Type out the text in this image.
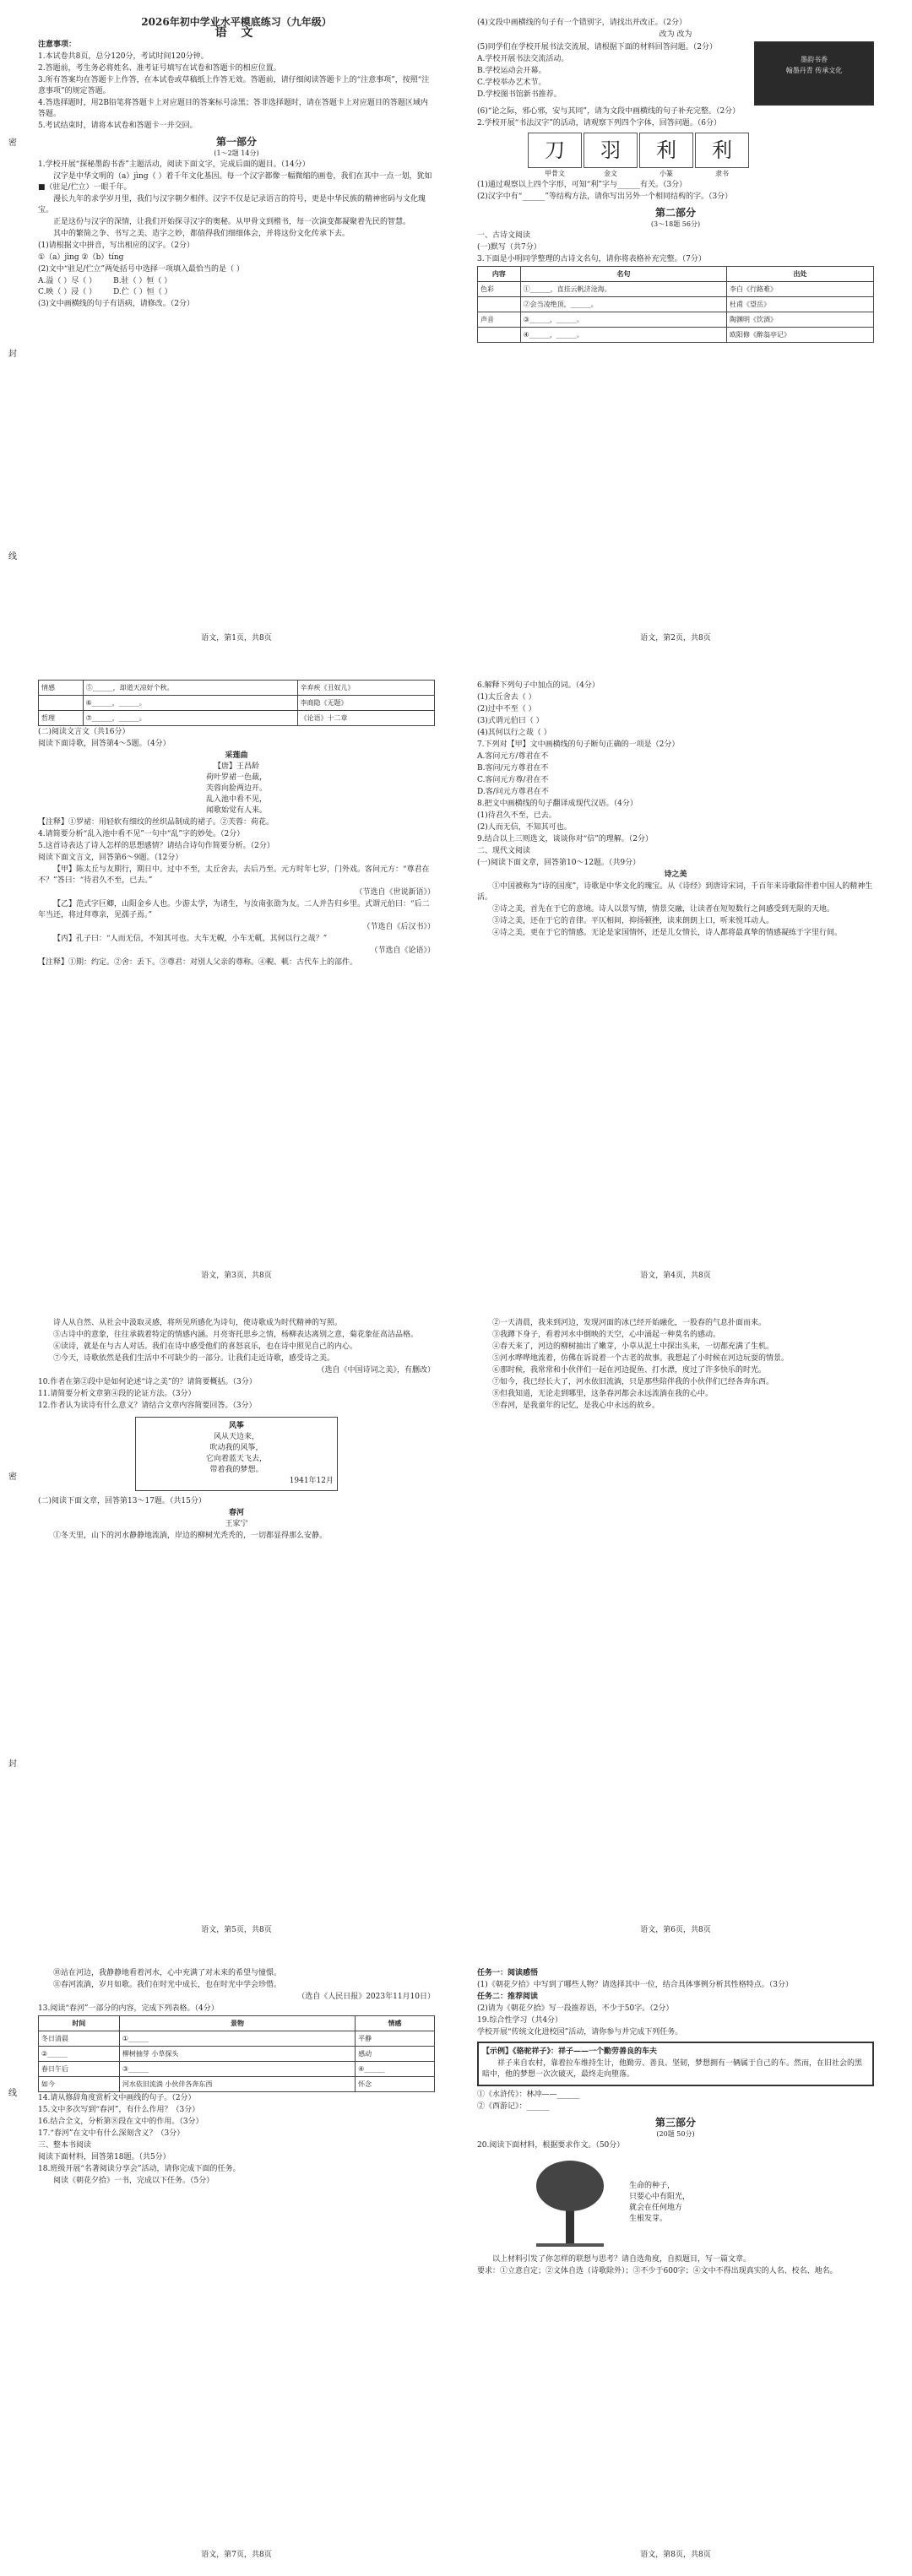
密
封
线
密
封
线
2026年初中学业水平模底练习（九年级）
语 文
注意事项：
1.本试卷共8页，总分120分，考试时间120分钟。
2.答题前，考生务必将姓名、准考证号填写在试卷和答题卡的相应位置。
3.所有答案均在答题卡上作答，在本试卷或草稿纸上作答无效。答题前，请仔细阅读答题卡上的“注意事项”，按照“注意事项”的规定答题。
4.答选择题时，用2B铅笔将答题卡上对应题目的答案标号涂黑；答非选择题时，请在答题卡上对应题目的答题区域内答题。
5.考试结束时，请将本试卷和答题卡一并交回。
第一部分
(1～2题 14分)
1.学校开展“探秘墨韵书香”主题活动，阅读下面文字，完成后面的题目。（14分）
汉字是中华文明的（a）jìng（ ）着千年文化基因。每一个汉字都像一幅微缩的画卷，我们在其中一点一划，犹如■（驻足/伫立）一眼千年。
漫长九年的求学岁月里，我们与汉字朝夕相伴。汉字不仅是记录语言的符号，更是中华民族的精神密码与文化瑰宝。
正是这份与汉字的深情，让我们开始探寻汉字的奥秘。从甲骨文到楷书，每一次演变都凝聚着先民的智慧。
其中的繁简之争、书写之美、造字之妙，都值得我们细细体会，并将这份文化传承下去。
(1)请根据文中拼音，写出相应的汉字。（2分）
①（a）jìng ②（b）tíng
(2)文中“驻足/伫立”两处括号中选择一项填入最恰当的是（ ）
A.溢（ ）尽（ ） B.驻（ ）恒（ ）
C.映（ ）浸（ ） D.伫（ ）恒（ ）
(3)文中画横线的句子有语病，请修改。（2分）
语文，第1页，共8页
(4)文段中画横线的句子有一个错别字，请找出并改正。（2分）
改为 改为
(5)同学们在学校开展书法交流展，请根据下面的材料回答问题。（2分）
A.学校开展书法交流活动。
B.学校运动会开幕。
C.学校举办艺术节。
D.学校图书馆新书推荐。
墨韵书香
翰墨丹青 传承文化
(6)“论之际，邪心邪，安与其同”，请为文段中画横线的句子补充完整。（2分）
2.学校开展“书法汉字”的活动，请观察下列四个字体，回答问题。（6分）
刀	羽	利	利
甲骨文	金文	小篆	隶书
(1)通过观察以上四个字形，可知“利”字与______有关。（3分）
(2)汉字中有“______”等结构方法，请你写出另外一个相同结构的字。（3分）
第二部分
(3～18题 56分)
一、古诗文阅读
(一)默写（共7分）
3.下面是小明同学整理的古诗文名句，请你将表格补充完整。（7分）
内容	名句	出处
色彩	①______，直挂云帆济沧海。	李白《行路难》
	②会当凌绝顶，______。	杜甫《望岳》
声音	③______，______。	陶渊明《饮酒》
	④______，______。	欧阳修《醉翁亭记》
语文，第2页，共8页
情感	⑤______，却道天凉好个秋。	辛弃疾《丑奴儿》
	⑥______，______。	李商隐《无题》
哲理	⑦______，______。	《论语》十二章
(二)阅读文言文（共16分）
阅读下面诗歌，回答第4～5题。（4分）
采莲曲
【唐】王昌龄
荷叶罗裙一色裁，
芙蓉向脸两边开。
乱入池中看不见，
闻歌始觉有人来。
【注释】①罗裙：用轻软有细纹的丝织品制成的裙子。②芙蓉：荷花。
4.请简要分析“乱入池中看不见”一句中“乱”字的妙处。（2分）
5.这首诗表达了诗人怎样的思想感情？请结合诗句作简要分析。（2分）
阅读下面文言文，回答第6～9题。（12分）
【甲】陈太丘与友期行，期日中。过中不至，太丘舍去，去后乃至。元方时年七岁，门外戏。客问元方：“尊君在不？”答曰：“待君久不至，已去。”
（节选自《世说新语》）
【乙】范式字巨卿，山阳金乡人也。少游太学，为诸生，与汝南张劭为友。二人并告归乡里。式谓元伯曰：“后二年当还，将过拜尊亲，见孺子焉。”
（节选自《后汉书》）
【丙】孔子曰：“人而无信，不知其可也。大车无輗，小车无軏，其何以行之哉？”
（节选自《论语》）
【注释】①期：约定。②舍：丢下。③尊君：对别人父亲的尊称。④輗、軏：古代车上的部件。
语文，第3页，共8页
6.解释下列句子中加点的词。（4分）
(1)太丘舍去（ ）
(2)过中不至（ ）
(3)式谓元伯曰（ ）
(4)其何以行之哉（ ）
7.下列对【甲】文中画横线的句子断句正确的一项是（2分）
A.客问元方/尊君在不
B.客问/元方尊君在不
C.客问元方尊/君在不
D.客/问元方尊君在不
8.把文中画横线的句子翻译成现代汉语。（4分）
(1)待君久不至，已去。
(2)人而无信，不知其可也。
9.结合以上三则选文，谈谈你对“信”的理解。（2分）
二、现代文阅读
(一)阅读下面文章，回答第10～12题。（共9分）
诗之美
①中国被称为“诗的国度”，诗歌是中华文化的瑰宝。从《诗经》到唐诗宋词，千百年来诗歌陪伴着中国人的精神生活。
②诗之美，首先在于它的意境。诗人以景写情，情景交融，让读者在短短数行之间感受到无限的天地。
③诗之美，还在于它的音律。平仄相间，抑扬顿挫，读来朗朗上口，听来悦耳动人。
④诗之美，更在于它的情感。无论是家国情怀，还是儿女情长，诗人都将最真挚的情感凝练于字里行间。
语文，第4页，共8页
诗人从自然、从社会中汲取灵感，将所见所感化为诗句，使诗歌成为时代精神的写照。
⑤古诗中的意象，往往承载着特定的情感内涵。月亮寄托思乡之情，杨柳表达离别之意，菊花象征高洁品格。
⑥读诗，就是在与古人对话。我们在诗中感受他们的喜怒哀乐，也在诗中照见自己的内心。
⑦今天，诗歌依然是我们生活中不可缺少的一部分。让我们走近诗歌，感受诗之美。
（选自《中国诗词之美》，有删改）
10.作者在第②段中是如何论述“诗之美”的？请简要概括。（3分）
11.请简要分析文章第④段的论证方法。（3分）
12.作者认为读诗有什么意义？请结合文章内容简要回答。（3分）
风筝
风从天边来，
吹动我的风筝，
它向着蓝天飞去，
带着我的梦想。
1941年12月
(二)阅读下面文章，回答第13～17题。（共15分）
春河
王家宁
①冬天里，山下的河水静静地流淌，岸边的柳树光秃秃的，一切都显得那么安静。
语文，第5页，共8页
②一天清晨，我来到河边，发现河面的冰已经开始融化，一股春的气息扑面而来。
③我蹲下身子，看着河水中倒映的天空，心中涌起一种莫名的感动。
④春天来了，河边的柳树抽出了嫩芽，小草从泥土中探出头来，一切都充满了生机。
⑤河水哗哗地流着，仿佛在诉说着一个古老的故事。我想起了小时候在河边玩耍的情景。
⑥那时候，我常常和小伙伴们一起在河边捉鱼、打水漂，度过了许多快乐的时光。
⑦如今，我已经长大了，河水依旧流淌，只是那些陪伴我的小伙伴们已经各奔东西。
⑧但我知道，无论走到哪里，这条春河都会永远流淌在我的心中。
⑨春河，是我童年的记忆，是我心中永远的故乡。
语文，第6页，共8页
⑩站在河边，我静静地看着河水，心中充满了对未来的希望与憧憬。
⑪春河流淌，岁月如歌。我们在时光中成长，也在时光中学会珍惜。
（选自《人民日报》2023年11月10日）
13.阅读“春河”一部分的内容，完成下列表格。（4分）
时间	景物	情感
冬日清晨	①______	平静
②______	柳树抽芽 小草探头	感动
春日午后	③______	④______
如今	河水依旧流淌 小伙伴各奔东西	怀念
14.请从修辞角度赏析文中画线的句子。（2分）
15.文中多次写到“春河”，有什么作用？（3分）
16.结合全文，分析第⑧段在文中的作用。（3分）
17.“春河”在文中有什么深刻含义？（3分）
三、整本书阅读
阅读下面材料，回答第18题。（共5分）
18.班级开展“名著阅读分享会”活动，请你完成下面的任务。
阅读《朝花夕拾》一书，完成以下任务。（5分）
语文，第7页，共8页
任务一：阅读感悟
(1)《朝花夕拾》中写到了哪些人物？请选择其中一位，结合具体事例分析其性格特点。（3分）
任务二：推荐阅读
(2)请为《朝花夕拾》写一段推荐语，不少于50字。（2分）
19.综合性学习（共4分）
学校开展“传统文化进校园”活动，请你参与并完成下列任务。
【示例】《骆驼祥子》：祥子——一个勤劳善良的车夫
祥子来自农村，靠着拉车维持生计，他勤劳、善良、坚韧，梦想拥有一辆属于自己的车。然而，在旧社会的黑暗中，他的梦想一次次破灭，最终走向堕落。
①《水浒传》：林冲——______
②《西游记》：______
第三部分
(20题 50分)
20.阅读下面材料，根据要求作文。（50分）
生命的种子，
只要心中有阳光，
就会在任何地方
生根发芽。
以上材料引发了你怎样的联想与思考？请自选角度，自拟题目，写一篇文章。
要求：①立意自定；②文体自选（诗歌除外）；③不少于600字；④文中不得出现真实的人名、校名、地名。
语文，第8页，共8页
